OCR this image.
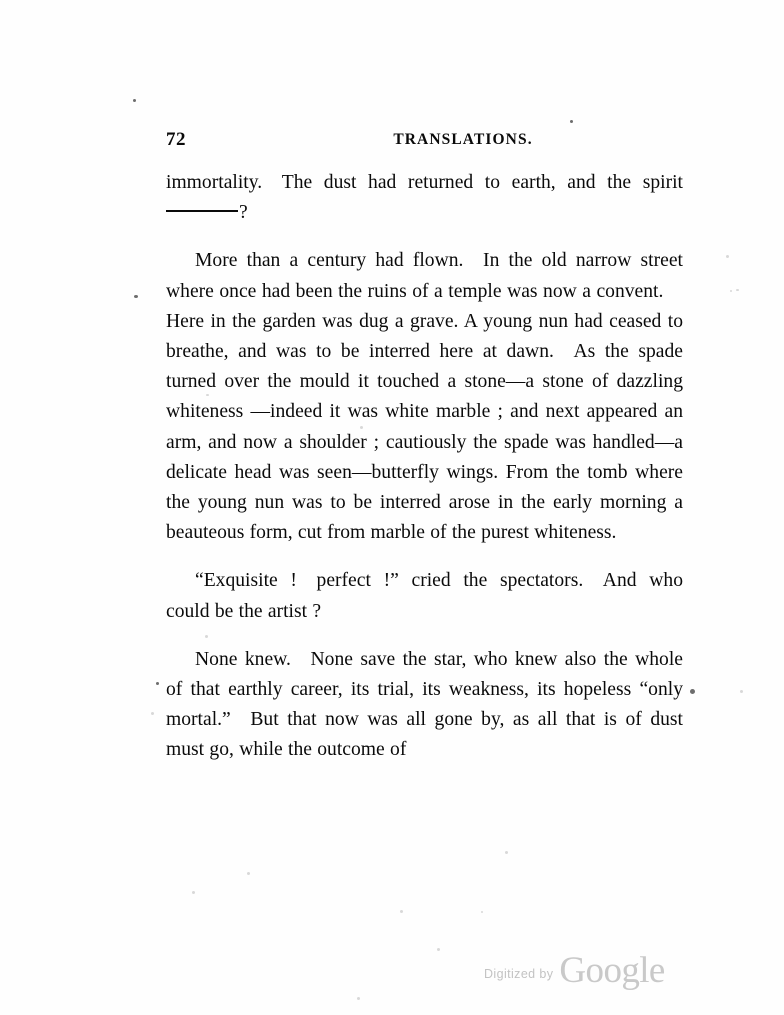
72	TRANSLATIONS.

immortality. The dust had returned to earth, and the spirit?

More than a century had flown. In the old narrow street where once had been the ruins of a temple was now a convent. Here in the garden was dug a grave. A young nun had ceased to breathe, and was to be interred here at dawn. As the spade turned over the mould it touched a stone—a stone of dazzling whiteness —indeed it was white marble ; and next appeared an arm, and now a shoulder ; cautiously the spade was handled—a delicate head was seen—butterfly wings. From the tomb where the young nun was to be interred arose in the early morning a beauteous form, cut from marble of the purest whiteness.

“Exquisite ! perfect !” cried the spectators. And who could be the artist ?

None knew. None save the star, who knew also the whole of that earthly career, its trial, its weakness, its hopeless “only mortal.” But that now was all gone by, as all that is of dust must go, while the outcome of

Digitized by Google
